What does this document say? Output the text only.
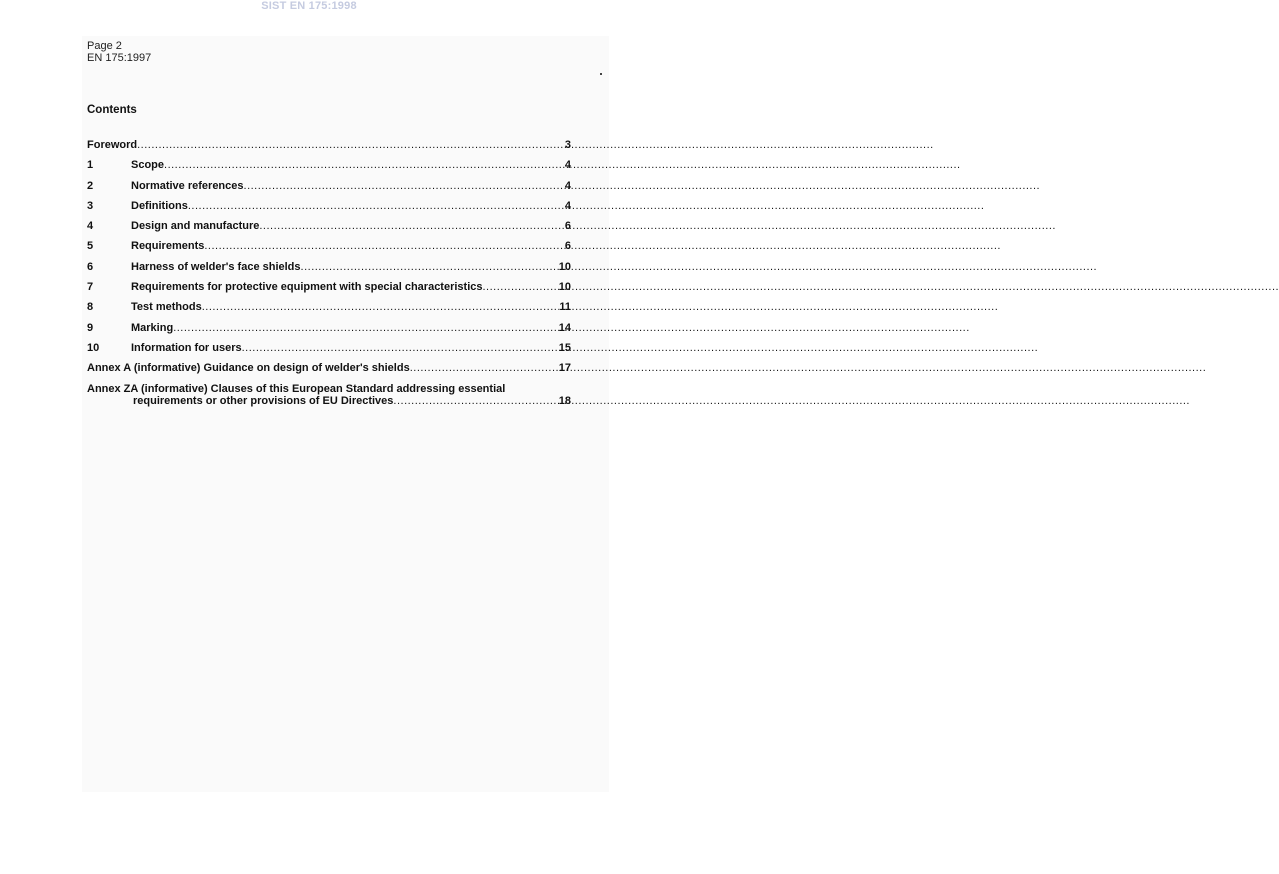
SIST EN 175:1998
Page 2
EN 175:1997
Contents
Foreword .....	3
1	Scope .....	4
2	Normative references .....	4
3	Definitions .....	4
4	Design and manufacture .....	6
5	Requirements .....	6
6	Harness of welder's face shields .....	10
7	Requirements for protective equipment with special characteristics .....	10
8	Test methods .....	11
9	Marking .....	14
10	Information for users .....	15
Annex A (informative) Guidance on design of welder's shields .....	17
Annex ZA (informative) Clauses of this European Standard addressing essential
requirements or other provisions of EU Directives .....	18
